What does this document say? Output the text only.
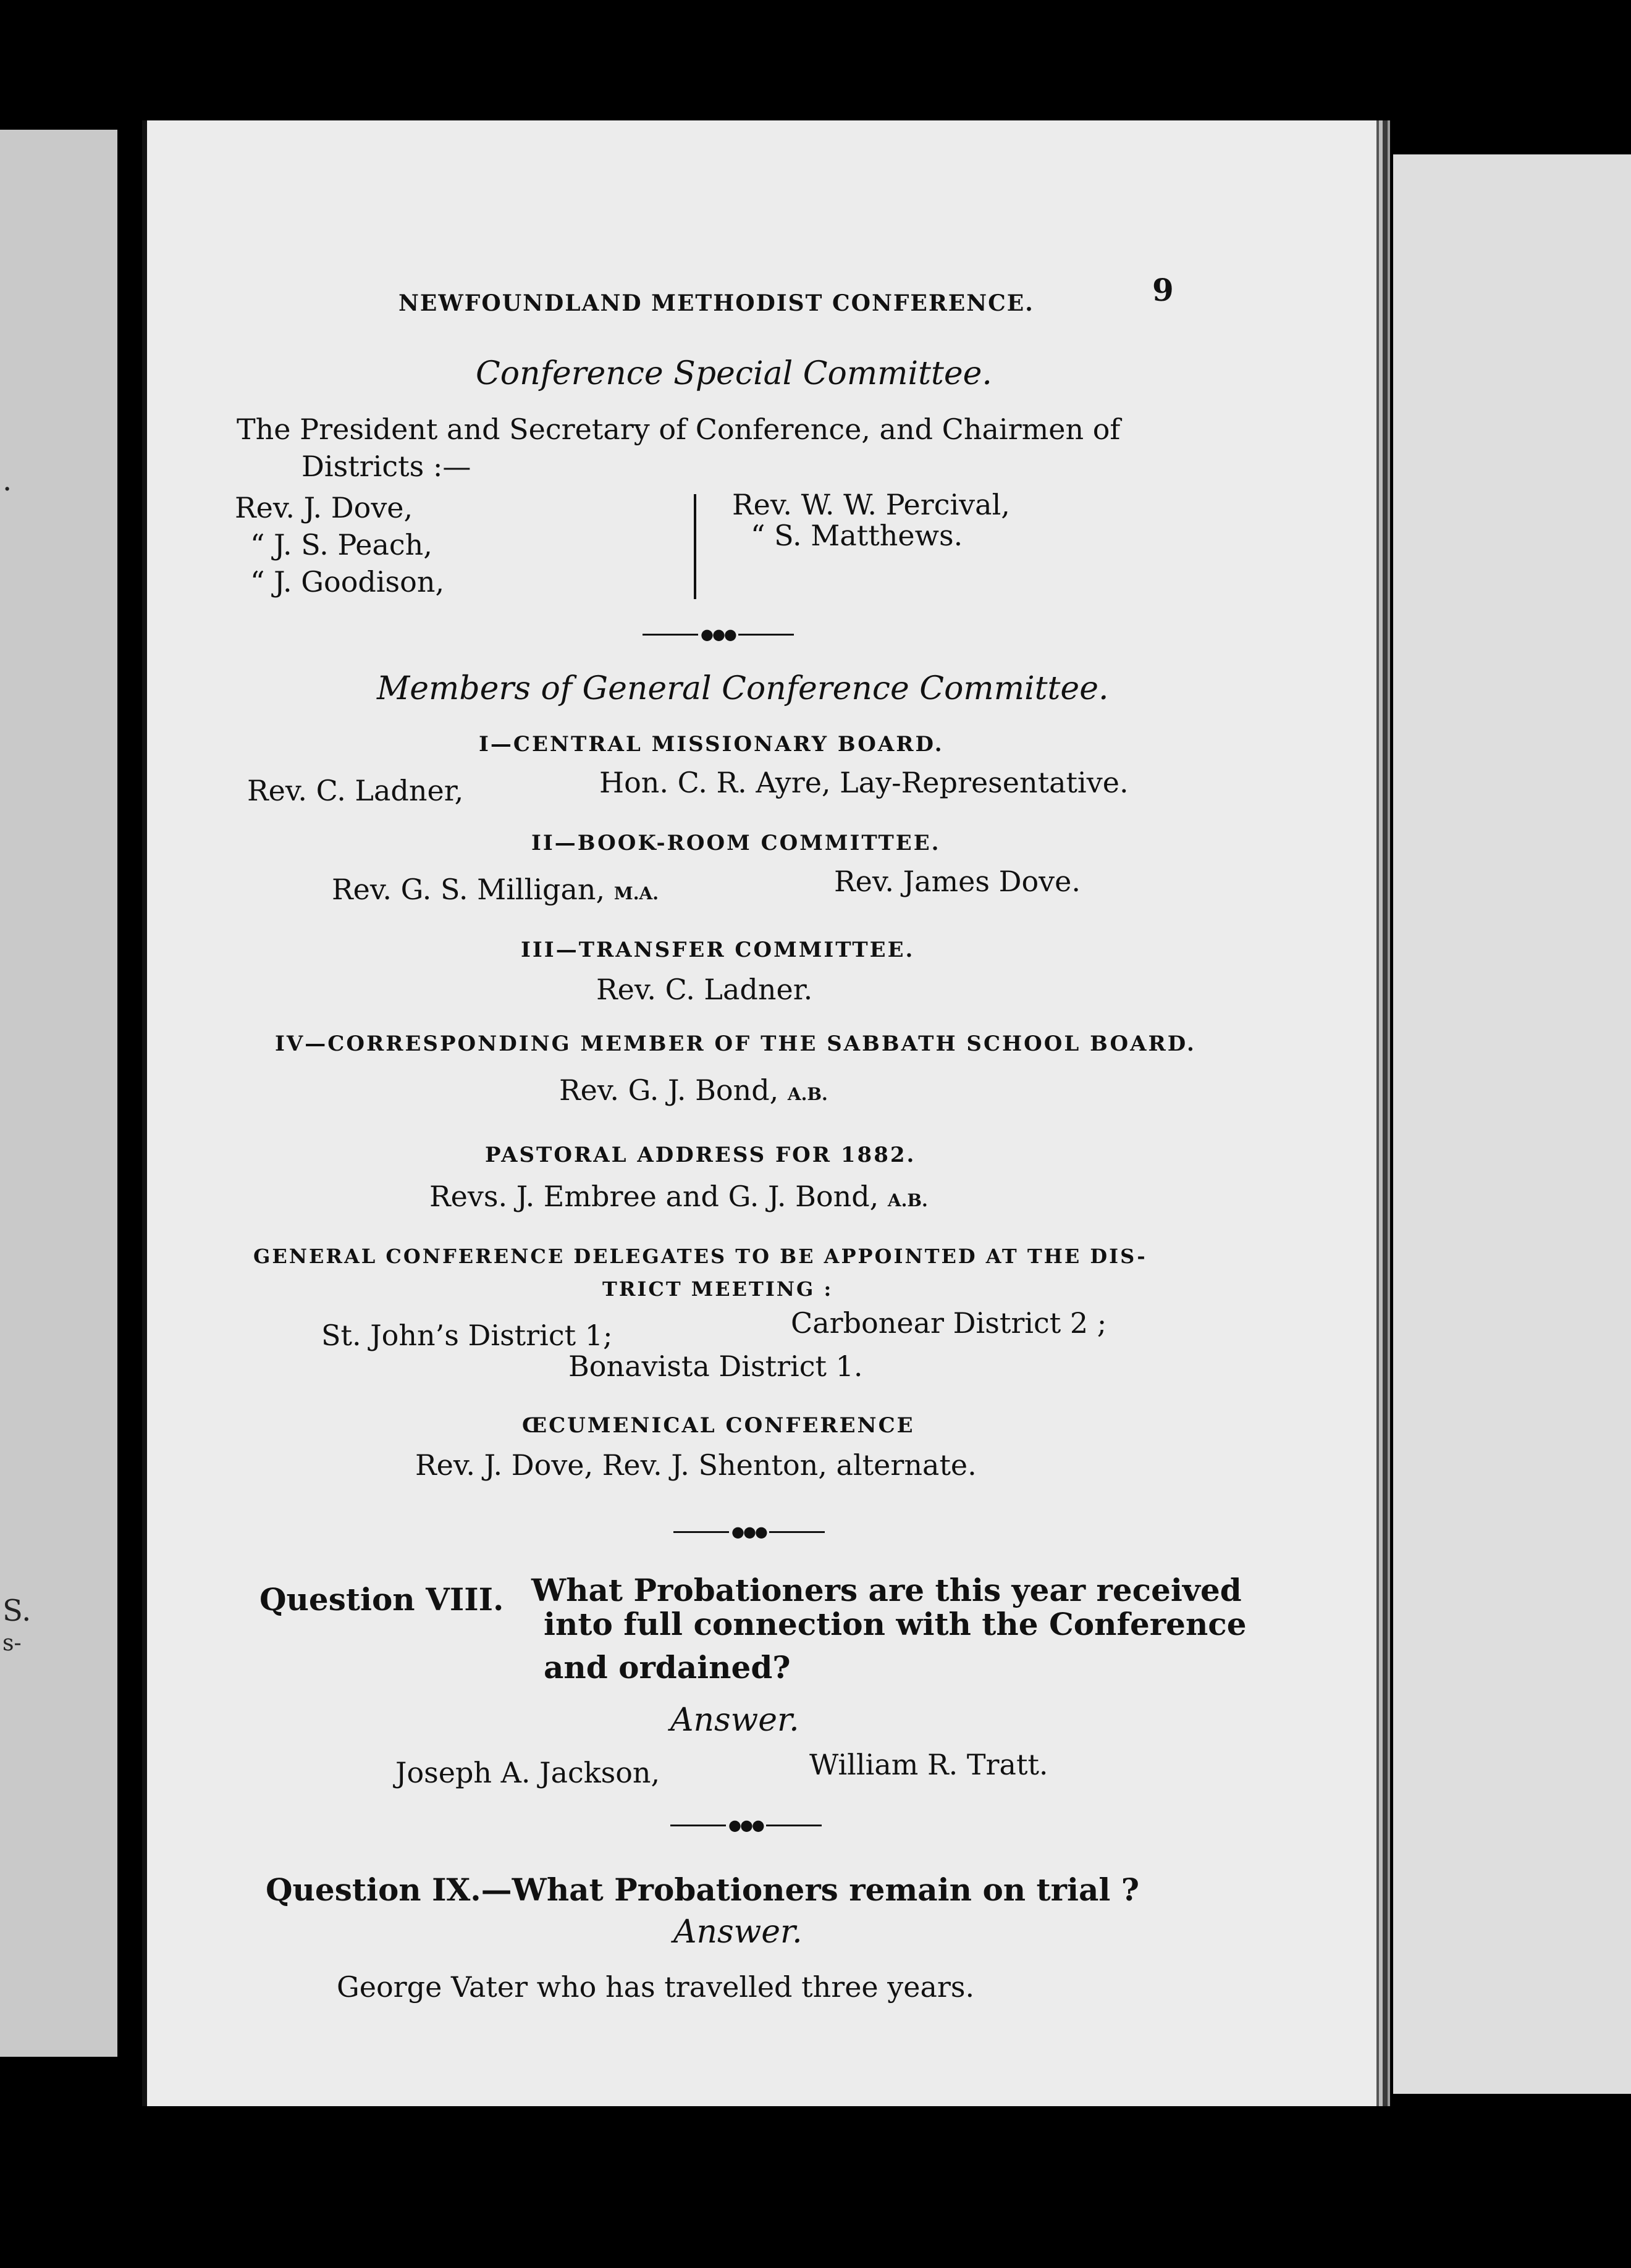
.
S.
s-
NEWFOUNDLAND METHODIST CONFERENCE.	9
Conference Special Committee.
The President and Secretary of Conference, and Chairmen of
Districts :—
Rev. J. Dove,
“ J. S. Peach,
“ J. Goodison,
Rev. W. W. Percival,
“ S. Matthews.
●●●
Members of General Conference Committee.
I—CENTRAL MISSIONARY BOARD.
Rev. C. Ladner,	Hon. C. R. Ayre, Lay-Representative.
II—BOOK-ROOM COMMITTEE.
Rev. G. S. Milligan, M.A.	Rev. James Dove.
III—TRANSFER COMMITTEE.
Rev. C. Ladner.
IV—CORRESPONDING MEMBER OF THE SABBATH SCHOOL BOARD.
Rev. G. J. Bond, A.B.
PASTORAL ADDRESS FOR 1882.
Revs. J. Embree and G. J. Bond, A.B.
GENERAL CONFERENCE DELEGATES TO BE APPOINTED AT THE DIS-
TRICT MEETING :
St. John’s District 1;	Carbonear District 2 ;
Bonavista District 1.
ŒCUMENICAL CONFERENCE
Rev. J. Dove, Rev. J. Shenton, alternate.
●●●
Question VIII. What Probationers are this year received
into full connection with the Conference
and ordained?
Answer.
Joseph A. Jackson,	William R. Tratt.
●●●
Question IX.—What Probationers remain on trial ?
Answer.
George Vater who has travelled three years.
